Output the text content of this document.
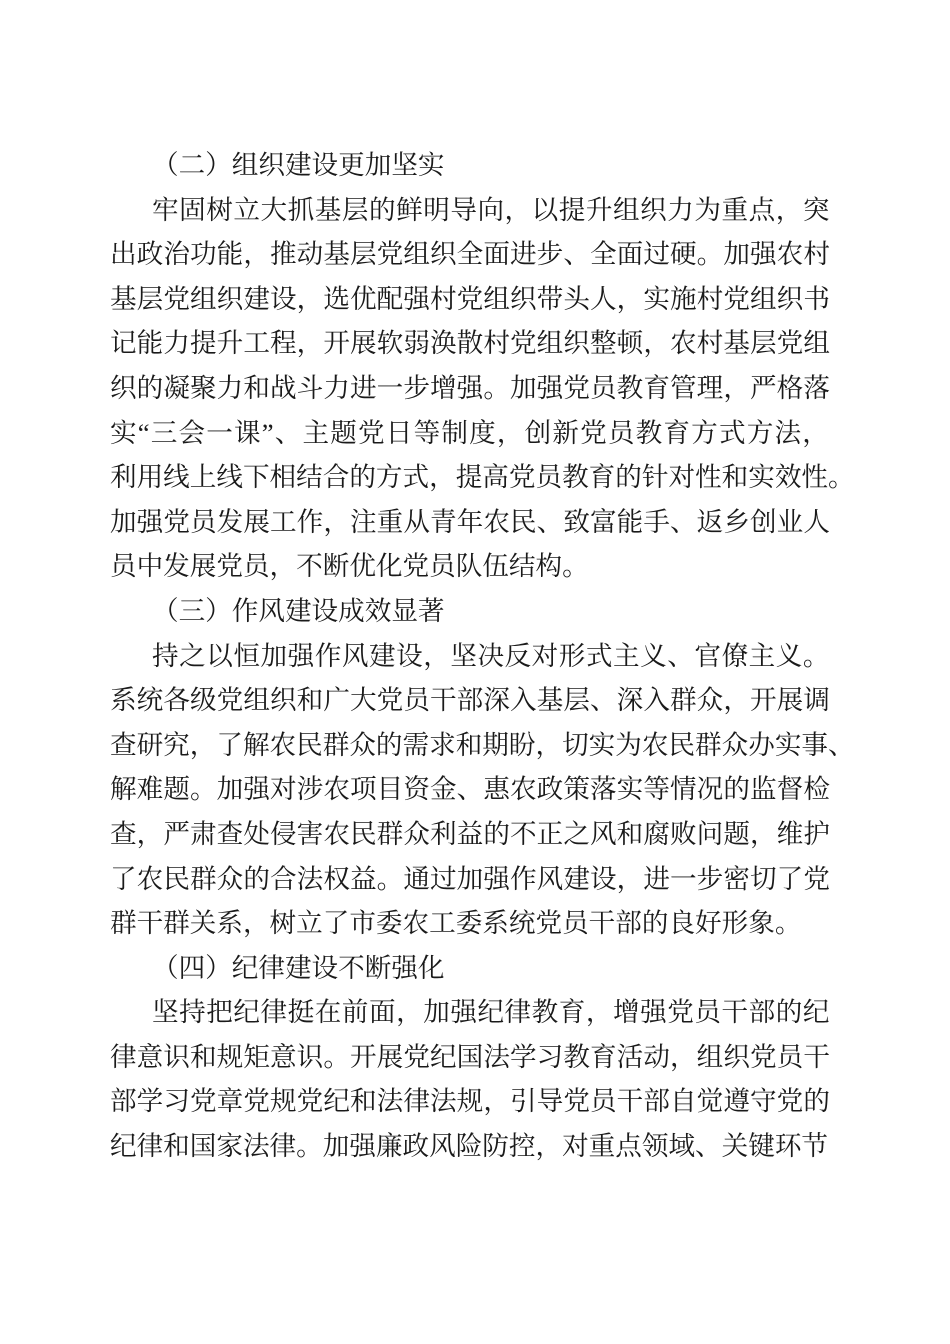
（二）组织建设更加坚实
牢固树立大抓基层的鲜明导向，以提升组织力为重点，突
出政治功能，推动基层党组织全面进步、全面过硬。加强农村
基层党组织建设，选优配强村党组织带头人，实施村党组织书
记能力提升工程，开展软弱涣散村党组织整顿，农村基层党组
织的凝聚力和战斗力进一步增强。加强党员教育管理，严格落
实“三会一课”、主题党日等制度，创新党员教育方式方法，
利用线上线下相结合的方式，提高党员教育的针对性和实效性。
加强党员发展工作，注重从青年农民、致富能手、返乡创业人
员中发展党员，不断优化党员队伍结构。
（三）作风建设成效显著
持之以恒加强作风建设，坚决反对形式主义、官僚主义。
系统各级党组织和广大党员干部深入基层、深入群众，开展调
查研究，了解农民群众的需求和期盼，切实为农民群众办实事、
解难题。加强对涉农项目资金、惠农政策落实等情况的监督检
查，严肃查处侵害农民群众利益的不正之风和腐败问题，维护
了农民群众的合法权益。通过加强作风建设，进一步密切了党
群干群关系，树立了市委农工委系统党员干部的良好形象。
（四）纪律建设不断强化
坚持把纪律挺在前面，加强纪律教育，增强党员干部的纪
律意识和规矩意识。开展党纪国法学习教育活动，组织党员干
部学习党章党规党纪和法律法规，引导党员干部自觉遵守党的
纪律和国家法律。加强廉政风险防控，对重点领域、关键环节
